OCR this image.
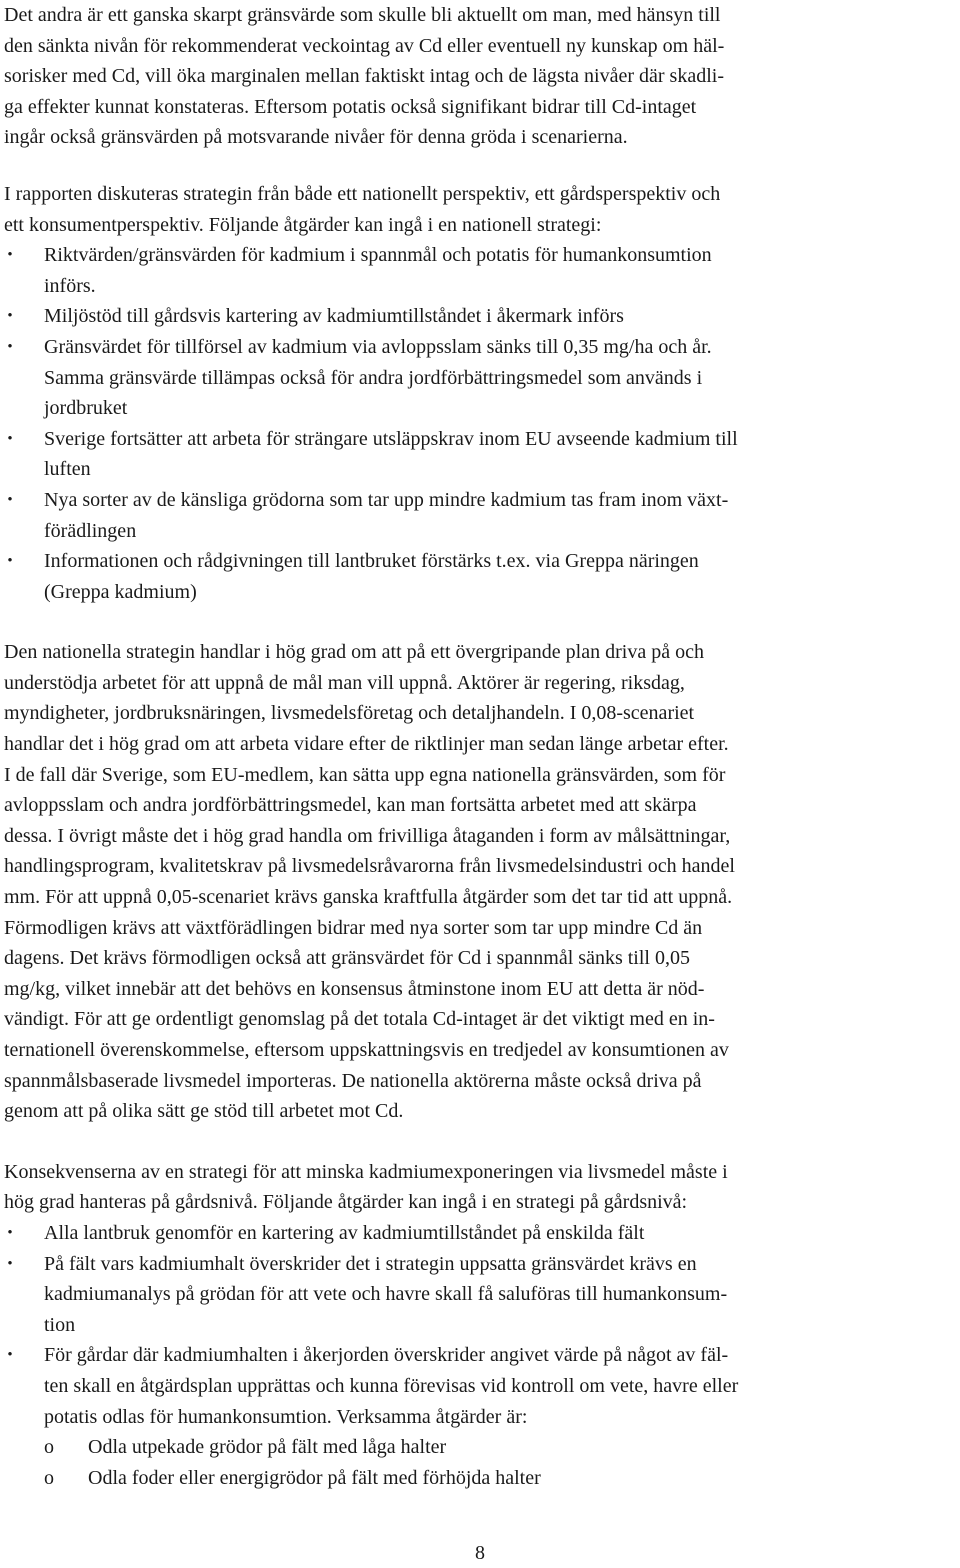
Det andra är ett ganska skarpt gränsvärde som skulle bli aktuellt om man, med hänsyn till
den sänkta nivån för rekommenderat veckointag av Cd eller eventuell ny kunskap om häl-
sorisker med Cd, vill öka marginalen mellan faktiskt intag och de lägsta nivåer där skadli-
ga effekter kunnat konstateras. Eftersom potatis också signifikant bidrar till Cd-intaget
ingår också gränsvärden på motsvarande nivåer för denna gröda i scenarierna.

I rapporten diskuteras strategin från både ett nationellt perspektiv, ett gårdsperspektiv och
ett konsumentperspektiv. Följande åtgärder kan ingå i en nationell strategi:

• Riktvärden/gränsvärden för kadmium i spannmål och potatis för humankonsumtion
införs.
• Miljöstöd till gårdsvis kartering av kadmiumtillståndet i åkermark införs
• Gränsvärdet för tillförsel av kadmium via avloppsslam sänks till 0,35 mg/ha och år.
Samma gränsvärde tillämpas också för andra jordförbättringsmedel som används i
jordbruket
• Sverige fortsätter att arbeta för strängare utsläppskrav inom EU avseende kadmium till
luften
• Nya sorter av de känsliga grödorna som tar upp mindre kadmium tas fram inom växt-
förädlingen
• Informationen och rådgivningen till lantbruket förstärks t.ex. via Greppa näringen
(Greppa kadmium)

Den nationella strategin handlar i hög grad om att på ett övergripande plan driva på och
understödja arbetet för att uppnå de mål man vill uppnå. Aktörer är regering, riksdag,
myndigheter, jordbruksnäringen, livsmedelsföretag och detaljhandeln. I 0,08-scenariet
handlar det i hög grad om att arbeta vidare efter de riktlinjer man sedan länge arbetar efter.
I de fall där Sverige, som EU-medlem, kan sätta upp egna nationella gränsvärden, som för
avloppsslam och andra jordförbättringsmedel, kan man fortsätta arbetet med att skärpa
dessa. I övrigt måste det i hög grad handla om frivilliga åtaganden i form av målsättningar,
handlingsprogram, kvalitetskrav på livsmedelsråvarorna från livsmedelsindustri och handel
mm. För att uppnå 0,05-scenariet krävs ganska kraftfulla åtgärder som det tar tid att uppnå.
Förmodligen krävs att växtförädlingen bidrar med nya sorter som tar upp mindre Cd än
dagens. Det krävs förmodligen också att gränsvärdet för Cd i spannmål sänks till 0,05
mg/kg, vilket innebär att det behövs en konsensus åtminstone inom EU att detta är nöd-
vändigt. För att ge ordentligt genomslag på det totala Cd-intaget är det viktigt med en in-
ternationell överenskommelse, eftersom uppskattningsvis en tredjedel av konsumtionen av
spannmålsbaserade livsmedel importeras. De nationella aktörerna måste också driva på
genom att på olika sätt ge stöd till arbetet mot Cd.

Konsekvenserna av en strategi för att minska kadmiumexponeringen via livsmedel måste i
hög grad hanteras på gårdsnivå. Följande åtgärder kan ingå i en strategi på gårdsnivå:

• Alla lantbruk genomför en kartering av kadmiumtillståndet på enskilda fält
• På fält vars kadmiumhalt överskrider det i strategin uppsatta gränsvärdet krävs en
kadmiumanalys på grödan för att vete och havre skall få saluföras till humankonsum-
tion
• För gårdar där kadmiumhalten i åkerjorden överskrider angivet värde på något av fäl-
ten skall en åtgärdsplan upprättas och kunna förevisas vid kontroll om vete, havre eller
potatis odlas för humankonsumtion. Verksamma åtgärder är:
o Odla utpekade grödor på fält med låga halter
o Odla foder eller energigrödor på fält med förhöjda halter
8
